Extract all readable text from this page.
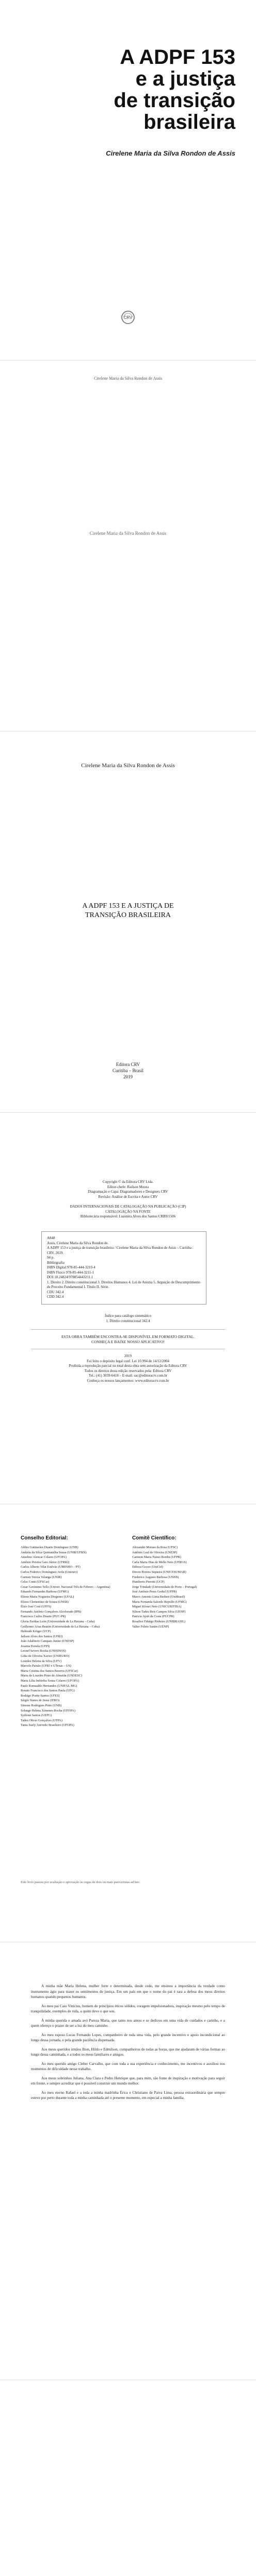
A ADPF 153
e a justiça
de transição
brasileira
Cirelene Maria da Silva Rondon de Assis
CRV
Cirelene Maria da Silva Rondon de Assis
Cirelene Maria da Silva Rondon de Assis
Cirelene Maria da Silva Rondon de Assis
A ADPF 153 E A JUSTIÇA DE
TRANSIÇÃO BRASILEIRA
Editora CRV
Curitiba – Brasil
2019
Copyright © da Editora CRV Ltda.
Editor-chefe: Railson Moura
Diagramação e Capa: Diagramadores e Designers CRV
Revisão: Análise de Escrita e Autor CRV
DADOS INTERNACIONAIS DE CATALOGAÇÃO NA PUBLICAÇÃO (CIP)
CATALOGAÇÃO NA FONTE
Bibliotecária responsável: Luzenira Alves dos Santos CRB9/1506
A848
Assis, Cirelene Maria da Silva Rondon de.
A ADPF 153 e a justiça de transição brasileira / Cirelene Maria da Silva Rondon de Assis – Curitiba : CRV, 2019.
94 p.
Bibliografia
ISBN Digital 978-85-444-3210-4
ISBN Físico 978-85-444-3211-1
DOI 10.24824/978854443211.1
1. Direito 2. Direito constitucional 3. Direitos Humanos 4. Lei de Anistia 5. Arguição de Descumprimento de Preceito Fundamental I. Título II. Série.
CDU 342.4
CDD 342.4
Índice para catálogo sistemático
1. Direito constitucional 342.4
ESTA OBRA TAMBÉM ENCONTRA-SE DISPONÍVEL EM FORMATO DIGITAL.
CONHEÇA E BAIXE NOSSO APLICATIVO!
2019
Foi feito o depósito legal conf. Lei 10.994 de 14/12/2004
Proibida a reprodução parcial ou total desta obra sem autorização da Editora CRV
Todos os direitos desta edição reservados pela: Editora CRV
Tel.: (41) 3039-6418 – E-mail: sac@editoracrv.com.br
Conheça os nossos lançamentos: www.editoracrv.com.br
Conselho Editorial:
Aldira Guimarães Duarte Domínguez (UNB)
Andréia da Silva Quintanilha Sousa (UNIR/UFRN)
Anselmo Alencar Colares (UFOPA)
Antônio Pereira Gaio Júnior (UFRRJ)
Carlos Alberto Vilar Estêvão (UMINHO – PT)
Carlos Federico Domínguez Avila (Unieuro)
Carmen Tereza Velanga (UNIR)
Celso Conti (UFSCar)
Cesar Gerónimo Tello (Univer. Nacional Três de Febrero – Argentina)
Eduardo Fernandes Barbosa (UFMG)
Elione Maria Nogueira Diogenes (UFAL)
Elizeu Clementino de Souza (UNEB)
Élsio José Corá (UFFS)
Fernando Antônio Gonçalves Alcoforado (IPB)
Francisco Carlos Duarte (PUC-PR)
Gloria Fariñas León (Universidade de La Havana – Cuba)
Guillermo Arias Beatón (Universidade de La Havana – Cuba)
Helmuth Krüger (UCP)
Jailson Alves dos Santos (UFRJ)
João Adalberto Campato Junior (UNESP)
Josania Portela (UFPI)
Leonel Severo Rocha (UNISINOS)
Lídia de Oliveira Xavier (UNIEURO)
Lourdes Helena da Silva (UFV)
Marcelo Paixão (UFRJ e UTexas – US)
Maria Cristina dos Santos Bezerra (UFSCar)
Maria de Lourdes Pinto de Almeida (UNOESC)
Maria Lília Imbiriba Sousa Colares (UFOPA)
Paulo Romualdo Hernandes (UNIFAL-MG)
Renato Francisco dos Santos Paula (UFG)
Rodrigo Pratte-Santos (UFES)
Sérgio Nunes de Jesus (IFRO)
Simone Rodrigues Pinto (UNB)
Solange Helena Ximenes-Rocha (UFOPA)
Sydione Santos (UEPG)
Tadeu Oliver Gonçalves (UFPA)
Tania Suely Azevedo Brasileiro (UFOPA)
Comitê Científico:
Alexandre Moraes da Rosa (UFSC)
Antônio Leal de Oliveira (UNESP)
Carmem Maria Nunes Bordin (UFPR)
Carla Maria Dias de Mello Neto (UFRGS)
Débora Gozzo (UniCid)
Dirceu Pereira Siqueira (UNICESUMAR)
Frederico Augusto Barbosa (UNEB)
Humberto Pierotti (UCP)
Jorge Trindade (Universidade do Porto – Portugal)
José Antônio Peres Gediel (UFPR)
Marco Antonio Lima Berberi (UniBrasil)
Maria Fernanda Salcedo Repolês (UFMG)
Miguel Kfouri Neto (UNICURITIBA)
Nilson Tadeu Reis Campos Silva (UENP)
Patrícia Ayub da Costa (PUCPR)
Rosalice Fidalgo Pinheiro (UNIBRASIL)
Valter Foleto Santin (UENP)
Este livro passou por avaliação e aprovação às cegas de dois ou mais pareceristas ad hoc.

A minha mãe Maria Helena, mulher forte e determinada, desde cedo, me ensinou a importância da verdade como instrumento ágio para trazer os sentimentos de justiça. Em um país em que o nome do pai é rara a defesa dos meus direitos humanos quando pequenos humanos.

Ao meu pai Caio Vinícius, homem de princípios éticos sólidos, coragem impulsionadora, inspiração mesmo pelo tempo de tranquilidade, exemplos de vida, a quem devo o que sou.

À minha querida e amada avó Pureza Maria, que tanto nos amou e se dedicou em uma vida de cuidados e carinho, e a quem ofereço o prazer de ser a luz do meu caminho.

Ao meu esposo Lucas Fernando Lopes, companheiro de toda uma vida, pelo grande incentivo e apoio incondicional ao longo dessa jornada, e pela grande paciência dispensada.

Aos meus queridos irmãos Ilton, Hildo e Edmilson, companheiros de todas as horas, que me ajudaram de várias formas ao longo dessa caminhada, e a todos os meus familiares e amigos.

Ao meu querido amigo Cleber Carvalho, que com toda a sua experiência e conhecimento, me incentivou e auxiliou nos momentos de dificuldade nesse trabalho.

Aos meus sobrinhos Juliana, Ana Clara e Pedro Henrique que, para mim, são fonte de inspiração e motivação para seguir em frente, e sempre acreditar que é possível construir um mundo melhor.

Ao meu eterno Rafael e a toda a minha madrinha Érica e Christiano de Paiva Lima, pessoa extraordinária que sempre esteve por perto durante toda a minha caminhada até o presente momento, em especial a minha família.
